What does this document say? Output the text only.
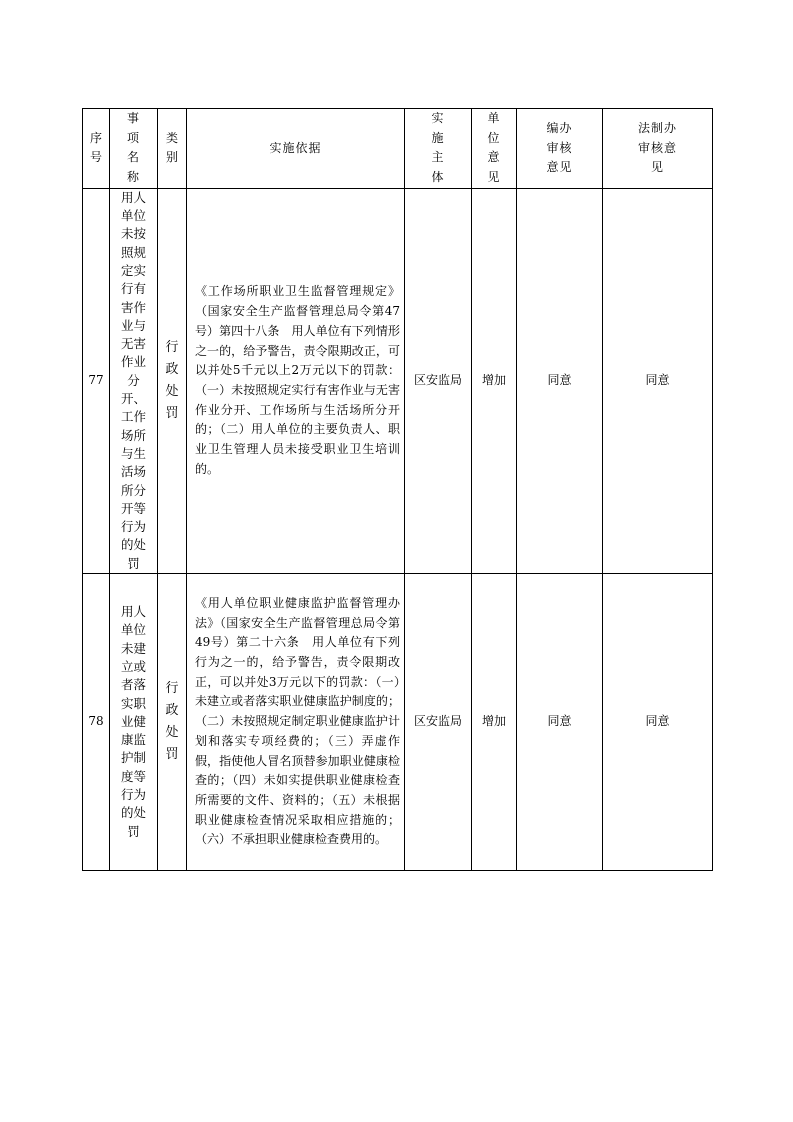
序号	事项名称	类别	实施依据	实施主体	单位意见	编办审核意见	法制办审核意见

77	用人单位未按照规定实行有害作业与无害作业分开、工作场所与生活场所分开等行为的处罚	行政处罚	《工作场所职业卫生监督管理规定》（国家安全生产监督管理总局令第47号）第四十八条　用人单位有下列情形之一的，给予警告，责令限期改正，可以并处5千元以上2万元以下的罚款：（一）未按照规定实行有害作业与无害作业分开、工作场所与生活场所分开的；（二）用人单位的主要负责人、职业卫生管理人员未接受职业卫生培训的。	区安监局	增加	同意	同意
78	用人单位未建立或者落实职业健康监护制度等行为的处罚	行政处罚	《用人单位职业健康监护监督管理办法》（国家安全生产监督管理总局令第49号）第二十六条　用人单位有下列行为之一的，给予警告，责令限期改正，可以并处3万元以下的罚款：（一）未建立或者落实职业健康监护制度的；（二）未按照规定制定职业健康监护计划和落实专项经费的；（三）弄虚作假，指使他人冒名顶替参加职业健康检查的；（四）未如实提供职业健康检查所需要的文件、资料的；（五）未根据职业健康检查情况采取相应措施的；（六）不承担职业健康检查费用的。	区安监局	增加	同意	同意
